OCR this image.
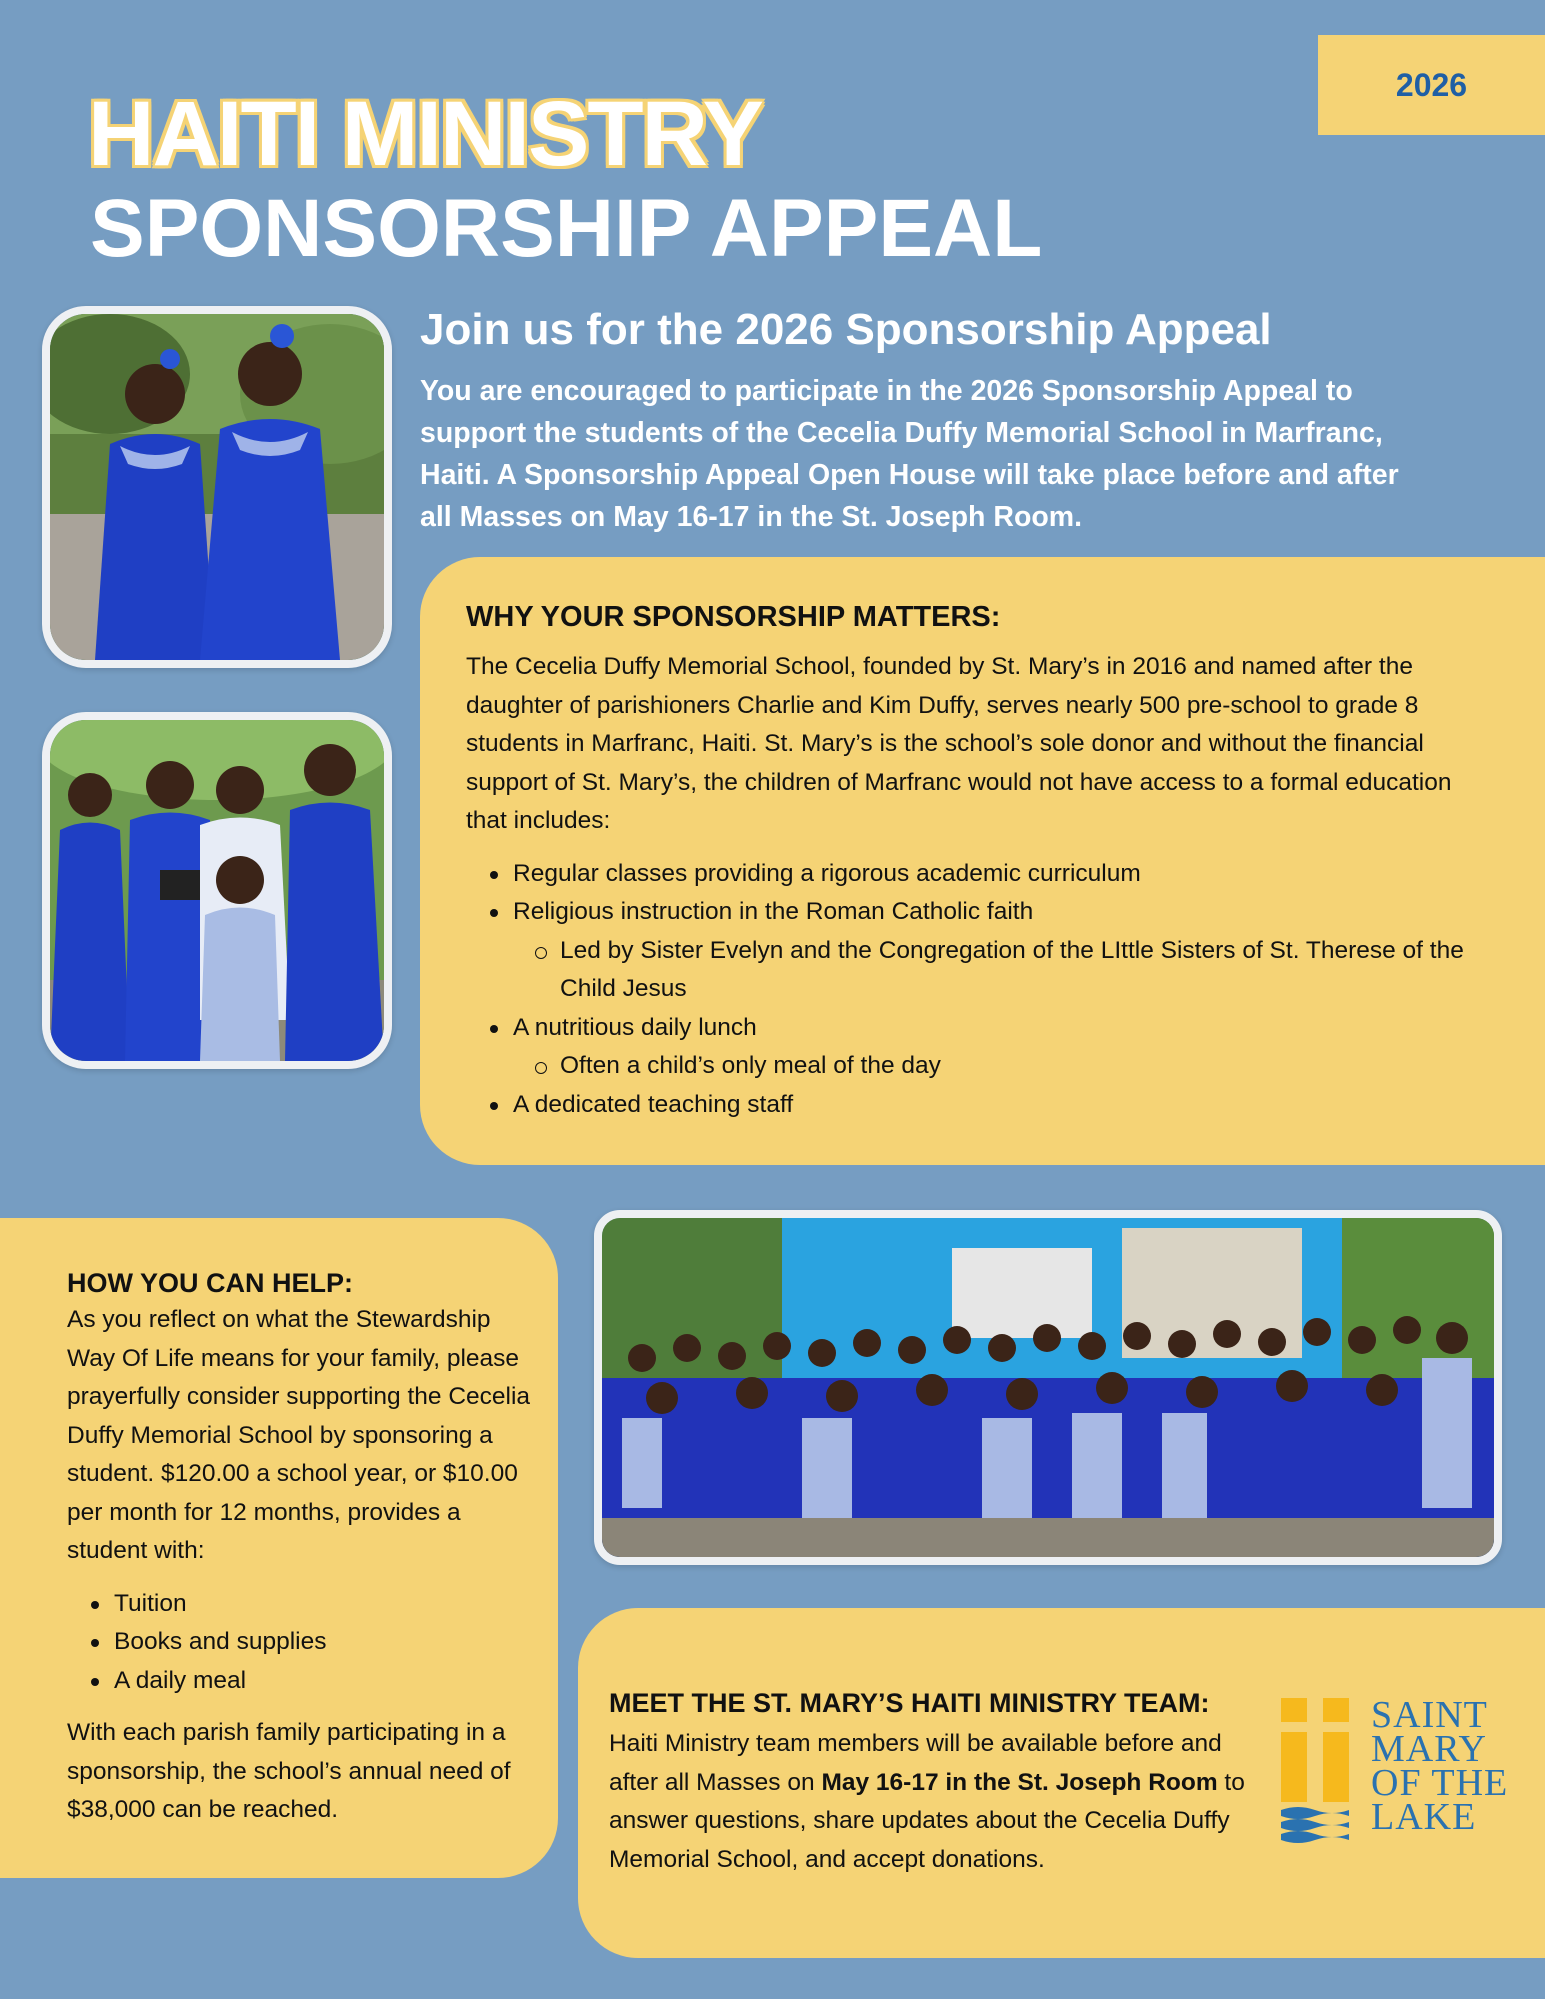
2026
HAITI MINISTRY
SPONSORSHIP APPEAL
Join us for the 2026 Sponsorship Appeal
You are encouraged to participate in the 2026 Sponsorship Appeal to support the students of the Cecelia Duffy Memorial School in Marfranc, Haiti. A Sponsorship Appeal Open House will take place before and after all Masses on May 16-17 in the St. Joseph Room.
WHY YOUR SPONSORSHIP MATTERS:

The Cecelia Duffy Memorial School, founded by St. Mary’s in 2016 and named after the daughter of parishioners Charlie and Kim Duffy, serves nearly 500 pre-school to grade 8 students in Marfranc, Haiti. St. Mary’s is the school’s sole donor and without the financial support of St. Mary’s, the children of Marfranc would not have access to a formal education that includes:

Regular classes providing a rigorous academic curriculum
Religious instruction in the Roman Catholic faith
Led by Sister Evelyn and the Congregation of the LIttle Sisters of St. Therese of the Child Jesus
A nutritious daily lunch
Often a child’s only meal of the day
A dedicated teaching staff
HOW YOU CAN HELP:

As you reflect on what the Stewardship Way Of Life means for your family, please prayerfully consider supporting the Cecelia Duffy Memorial School by sponsoring a student. $120.00 a school year, or $10.00 per month for 12 months, provides a student with:

Tuition
Books and supplies
A daily meal

With each parish family participating in a sponsorship, the school’s annual need of $38,000 can be reached.

MEET THE ST. MARY’S HAITI MINISTRY TEAM:

Haiti Ministry team members will be available before and after all Masses on May 16-17 in the St. Joseph Room to answer questions, share updates about the Cecelia Duffy Memorial School, and accept donations.

SAINT
MARY
OF THE
LAKE
